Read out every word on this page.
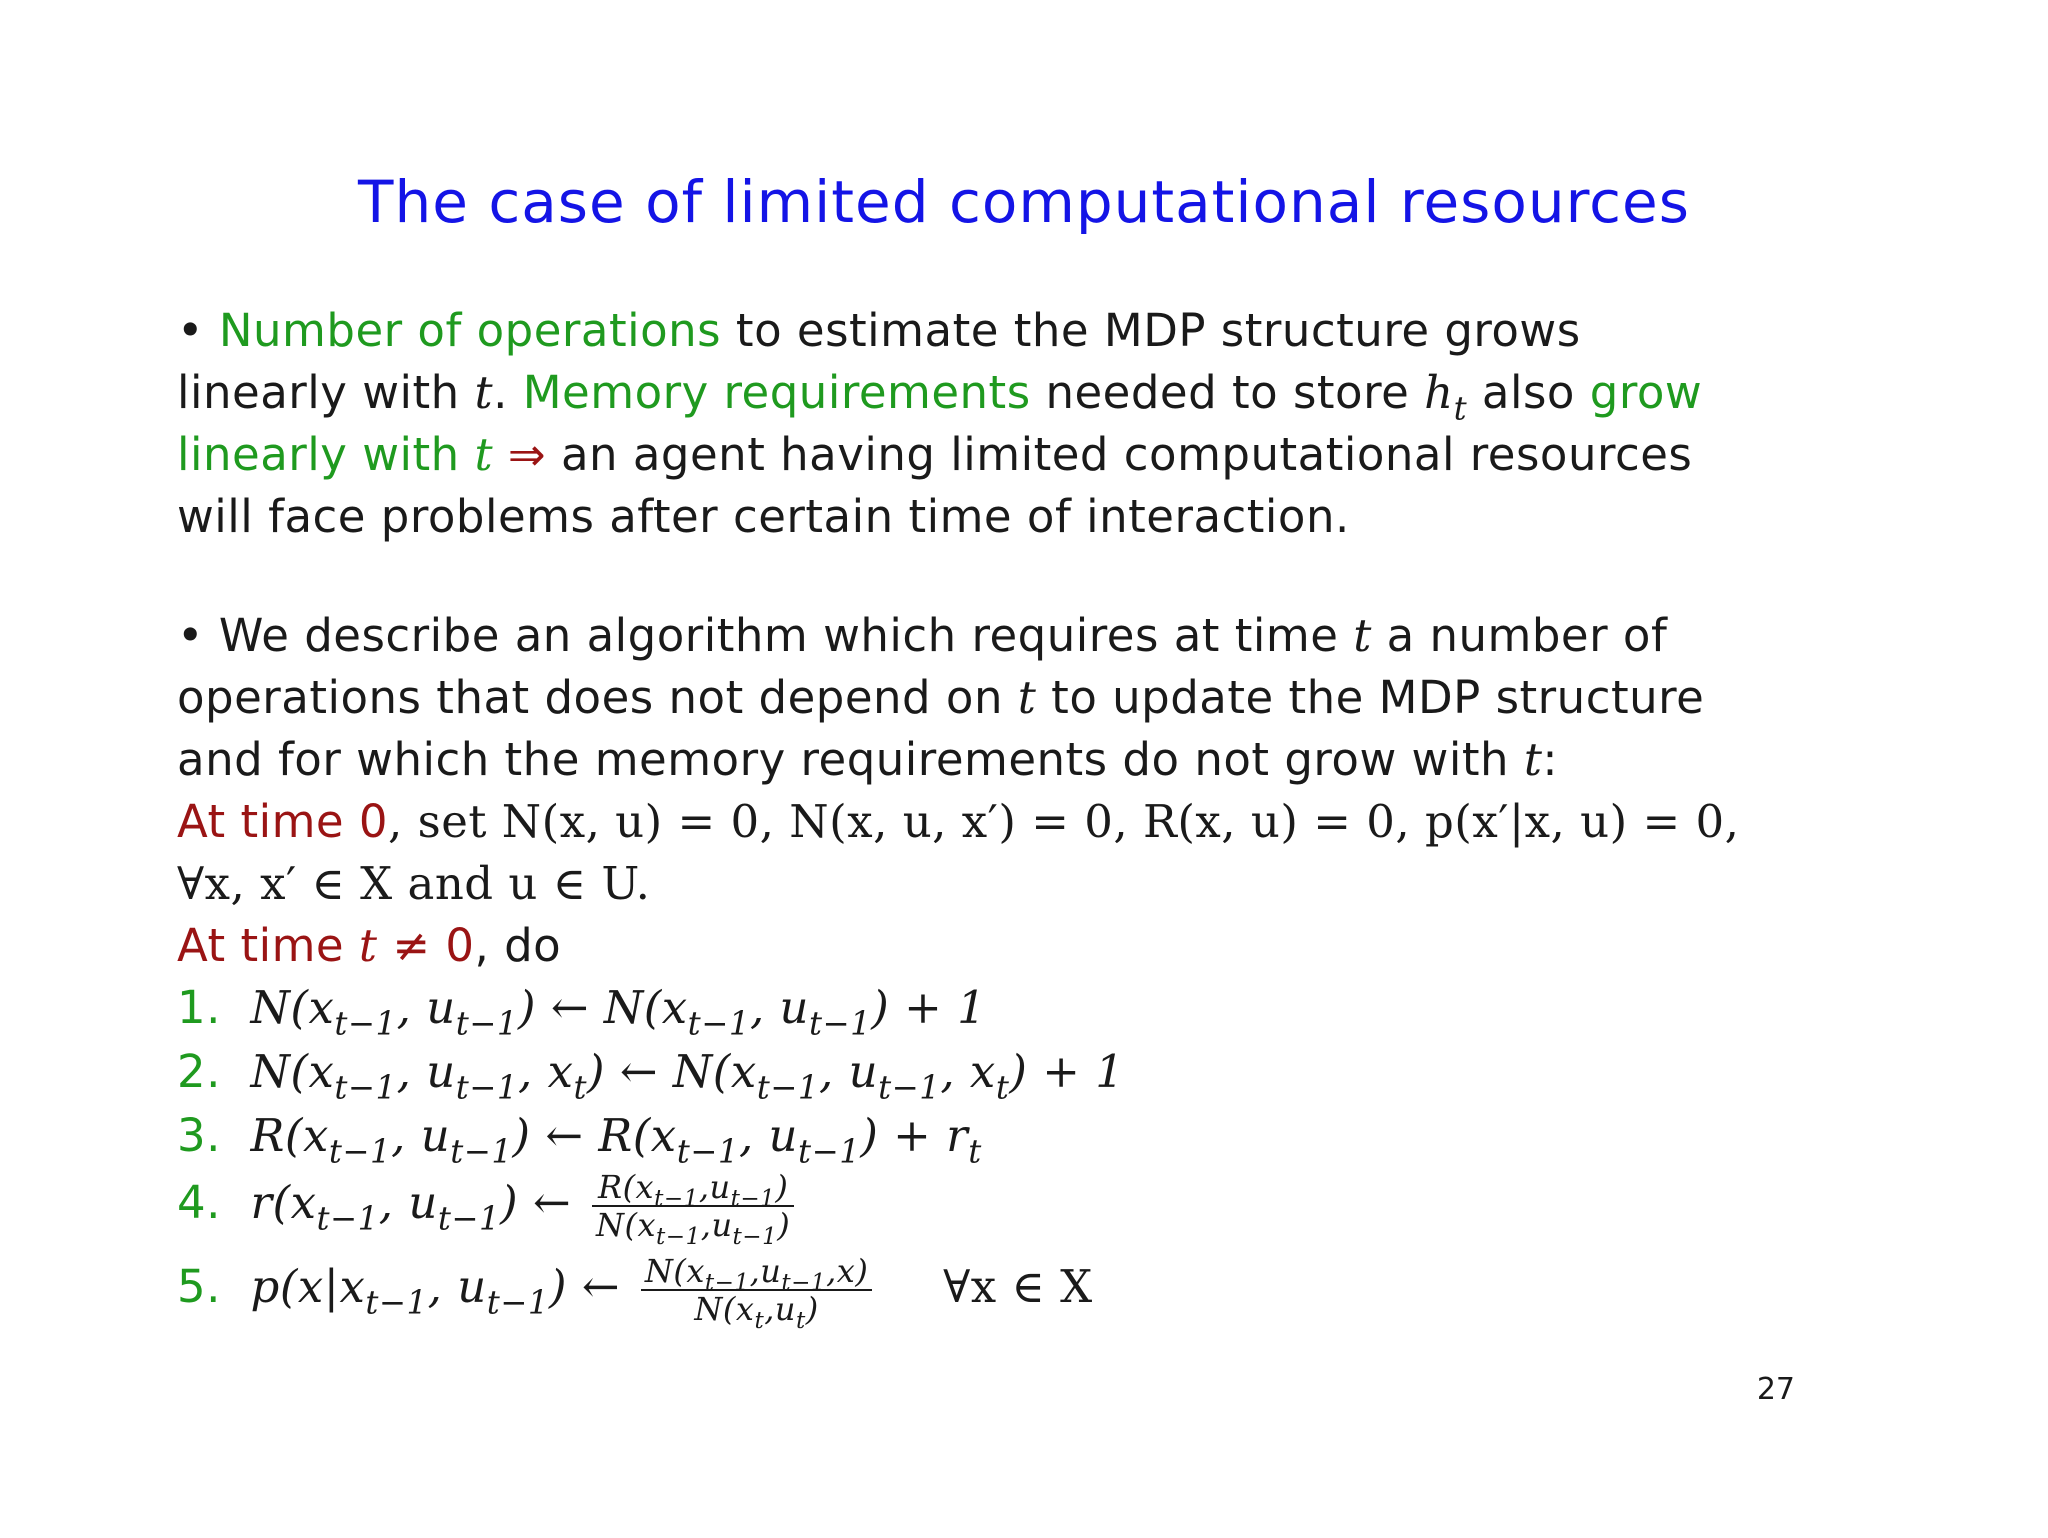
The case of limited computational resources
• Number of operations to estimate the MDP structure grows
linearly with t. Memory requirements needed to store $h_t$ also grow
linearly with t ⇒ an agent having limited computational resources
will face problems after certain time of interaction.
• We describe an algorithm which requires at time t a number of
operations that does not depend on t to update the MDP structure
and for which the memory requirements do not grow with t:
At time 0, set N(x, u) = 0, N(x, u, x′) = 0, R(x, u) = 0, p(x′|x, u) = 0,
∀x, x′ ∈ X and u ∈ U.
At time t ≠ 0, do
1. $N(x_{t-1}$, $u_{t-1}$) ← $N(x_{t-1}$, $u_{t-1}) + 1$
2. $N(x_{t-1}$, $u_{t-1}$, $x_t$) ← $N(x_{t-1}$, $u_{t-1}$, $x_t) + 1$
3. $R(x_{t-1}$, $u_{t-1}$) ← $R(x_{t-1}$, $u_{t-1}) + r_t$
4. $r(x_{t-1}$, $u_{t-1}$) ← $\frac{R(x_{t-1},u_{t-1})}{N(x_{t-1},u_{t-1})}$
5. $p(x|x_{t-1}$, $u_{t-1}$) ← $\frac{N(x_{t-1},u_{t-1},x)}{N(x_t,u_t)}$ ∀x ∈ X
27
